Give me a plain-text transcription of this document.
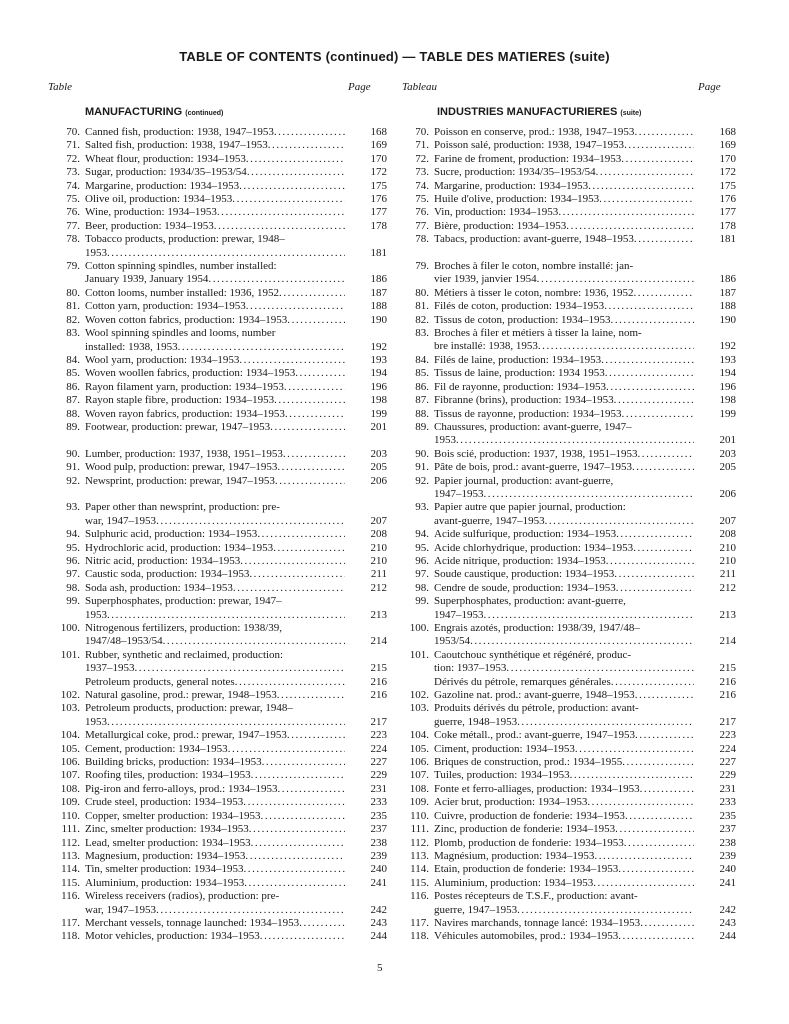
TABLE OF CONTENTS (continued) — TABLE DES MATIERES (suite)
Table	Page	Tableau	Page
MANUFACTURING (continued)	INDUSTRIES MANUFACTURIERES (suite)
70. Canned fish, production: 1938, 1947–1953 . . .	168
71. Salted fish, production: 1938, 1947–1953 . . .	169
72. Wheat flour, production: 1934–1953 . . .	170
73. Sugar, production: 1934/35–1953/54 . . .	172
74. Margarine, production: 1934–1953 . . .	175
75. Olive oil, production: 1934–1953 . . .	176
76. Wine, production: 1934–1953 . . .	177
77. Beer, production: 1934–1953 . . .	178
78. Tobacco products, production: prewar, 1948–
1953 . . .	181
79. Cotton spinning spindles, number installed:
January 1939, January 1954 . . .	186
80. Cotton looms, number installed: 1936, 1952 . . .	187
81. Cotton yarn, production: 1934–1953 . . .	188
82. Woven cotton fabrics, production: 1934–1953 . . .	190
83. Wool spinning spindles and looms, number
installed: 1938, 1953 . . .	192
84. Wool yarn, production: 1934–1953 . . .	193
85. Woven woollen fabrics, production: 1934–1953 . . .	194
86. Rayon filament yarn, production: 1934–1953 . . .	196
87. Rayon staple fibre, production: 1934–1953 . . .	198
88. Woven rayon fabrics, production: 1934–1953 . . .	199
89. Footwear, production: prewar, 1947–1953 . . .	201
90. Lumber, production: 1937, 1938, 1951–1953 . . .	203
91. Wood pulp, production: prewar, 1947–1953 . . .	205
92. Newsprint, production: prewar, 1947–1953 . . .	206
93. Paper other than newsprint, production: pre-
war, 1947–1953 . . .	207
94. Sulphuric acid, production: 1934–1953 . . .	208
95. Hydrochloric acid, production: 1934–1953 . . .	210
96. Nitric acid, production: 1934–1953 . . .	210
97. Caustic soda, production: 1934–1953 . . .	211
98. Soda ash, production: 1934–1953 . . .	212
99. Superphosphates, production: prewar, 1947–
1953 . . .	213
100. Nitrogenous fertilizers, production: 1938/39,
1947/48–1953/54 . . .	214
101. Rubber, synthetic and reclaimed, production:
1937–1953 . . .	215
Petroleum products, general notes . . .	216
102. Natural gasoline, prod.: prewar, 1948–1953 . . .	216
103. Petroleum products, production: prewar, 1948–
1953 . . .	217
104. Metallurgical coke, prod.: prewar, 1947–1953 . . .	223
105. Cement, production: 1934–1953 . . .	224
106. Building bricks, production: 1934–1953 . . .	227
107. Roofing tiles, production: 1934–1953 . . .	229
108. Pig-iron and ferro-alloys, prod.: 1934–1953 . . .	231
109. Crude steel, production: 1934–1953 . . .	233
110. Copper, smelter production: 1934–1953 . . .	235
111. Zinc, smelter production: 1934–1953 . . .	237
112. Lead, smelter production: 1934–1953 . . .	238
113. Magnesium, production: 1934–1953 . . .	239
114. Tin, smelter production: 1934–1953 . . .	240
115. Aluminium, production: 1934–1953 . . .	241
116. Wireless receivers (radios), production: pre-
war, 1947–1953 . . .	242
117. Merchant vessels, tonnage launched: 1934–1953 . . .	243
118. Motor vehicles, production: 1934–1953 . . .	244
70. Poisson en conserve, prod.: 1938, 1947–1953 . . .	168
71. Poisson salé, production: 1938, 1947–1953 . . .	169
72. Farine de froment, production: 1934–1953 . . .	170
73. Sucre, production: 1934/35–1953/54 . . .	172
74. Margarine, production: 1934–1953 . . .	175
75. Huile d'olive, production: 1934–1953 . . .	176
76. Vin, production: 1934–1953 . . .	177
77. Bière, production: 1934–1953 . . .	178
78. Tabacs, production: avant-guerre, 1948–1953 . . .	181
79. Broches à filer le coton, nombre installé: jan-
vier 1939, janvier 1954 . . .	186
80. Métiers à tisser le coton, nombre: 1936, 1952 . . .	187
81. Filés de coton, production: 1934–1953 . . .	188
82. Tissus de coton, production: 1934–1953 . . .	190
83. Broches à filer et métiers à tisser la laine, nom-
bre installé: 1938, 1953 . . .	192
84. Filés de laine, production: 1934–1953 . . .	193
85. Tissus de laine, production: 1934 1953 . . .	194
86. Fil de rayonne, production: 1934–1953 . . .	196
87. Fibranne (brins), production: 1934–1953 . . .	198
88. Tissus de rayonne, production: 1934–1953 . . .	199
89. Chaussures, production: avant-guerre, 1947–
1953 . . .	201
90. Bois scié, production: 1937, 1938, 1951–1953 . . .	203
91. Pâte de bois, prod.: avant-guerre, 1947–1953 . . .	205
92. Papier journal, production: avant-guerre,
1947–1953 . . .	206
93. Papier autre que papier journal, production:
avant-guerre, 1947–1953 . . .	207
94. Acide sulfurique, production: 1934–1953 . . .	208
95. Acide chlorhydrique, production: 1934–1953 . . .	210
96. Acide nitrique, production: 1934–1953 . . .	210
97. Soude caustique, production: 1934–1953 . . .	211
98. Cendre de soude, production: 1934–1953 . . .	212
99. Superphosphates, production: avant-guerre,
1947–1953 . . .	213
100. Engrais azotés, production: 1938/39, 1947/48–
1953/54 . . .	214
101. Caoutchouc synthétique et régénéré, produc-
tion: 1937–1953 . . .	215
Dérivés du pétrole, remarques générales . . .	216
102. Gazoline nat. prod.: avant-guerre, 1948–1953 . . .	216
103. Produits dérivés du pétrole, production: avant-
guerre, 1948–1953 . . .	217
104. Coke métall., prod.: avant-guerre, 1947–1953 . . .	223
105. Ciment, production: 1934–1953 . . .	224
106. Briques de construction, prod.: 1934–1955 . . .	227
107. Tuiles, production: 1934–1953 . . .	229
108. Fonte et ferro-alliages, production: 1934–1953 . . .	231
109. Acier brut, production: 1934–1953 . . .	233
110. Cuivre, production de fonderie: 1934–1953 . . .	235
111. Zinc, production de fonderie: 1934–1953 . . .	237
112. Plomb, production de fonderie: 1934–1953 . . .	238
113. Magnésium, production: 1934–1953 . . .	239
114. Etain, production de fonderie: 1934–1953 . . .	240
115. Aluminium, production: 1934–1953 . . .	241
116. Postes récepteurs de T.S.F., production: avant-
guerre, 1947–1953 . . .	242
117. Navires marchands, tonnage lancé: 1934–1953 . . .	243
118. Véhicules automobiles, prod.: 1934–1953 . . .	244
5
